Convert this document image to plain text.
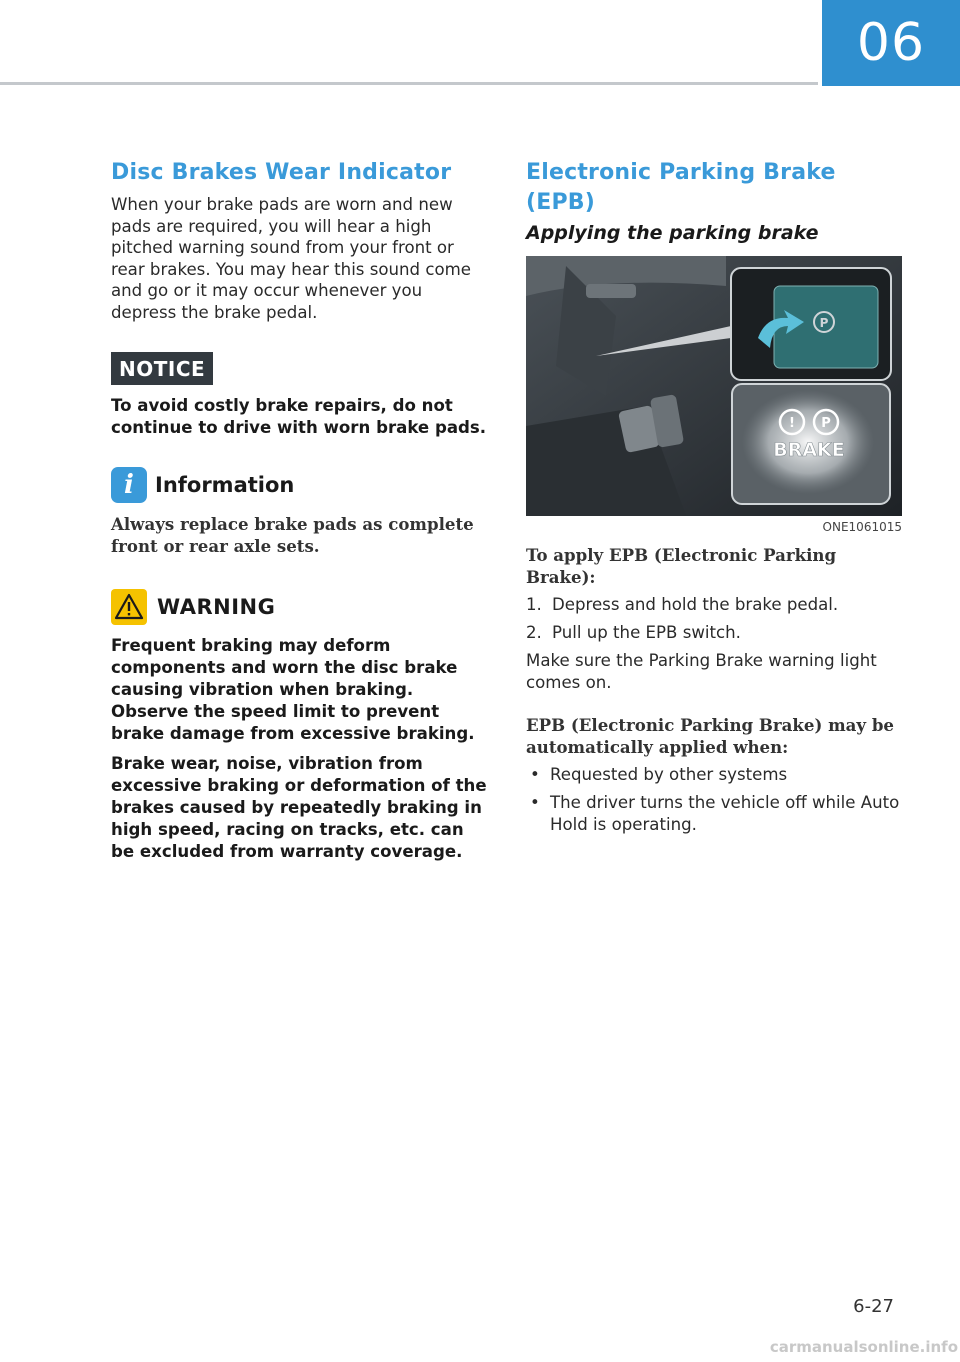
06
Disc Brakes Wear Indicator
When your brake pads are worn and new pads are required, you will hear a high pitched warning sound from your front or rear brakes. You may hear this sound come and go or it may occur whenever you depress the brake pedal.
NOTICE
To avoid costly brake repairs, do not continue to drive with worn brake pads.
i	Information
Always replace brake pads as complete front or rear axle sets.
WARNING
Frequent braking may deform components and worn the disc brake causing vibration when braking. Observe the speed limit to prevent brake damage from excessive braking.
Brake wear, noise, vibration from excessive braking or deformation of the brakes caused by repeatedly braking in high speed, racing on tracks, etc. can be excluded from warranty coverage.
Electronic Parking Brake (EPB)
Applying the parking brake
P
! P
BRAKE
ONE1061015
To apply EPB (Electronic Parking Brake):
1. Depress and hold the brake pedal.
2. Pull up the EPB switch.
Make sure the Parking Brake warning light comes on.
EPB (Electronic Parking Brake) may be automatically applied when:
• Requested by other systems
• The driver turns the vehicle off while Auto Hold is operating.
6-27
carmanualsonline.info
